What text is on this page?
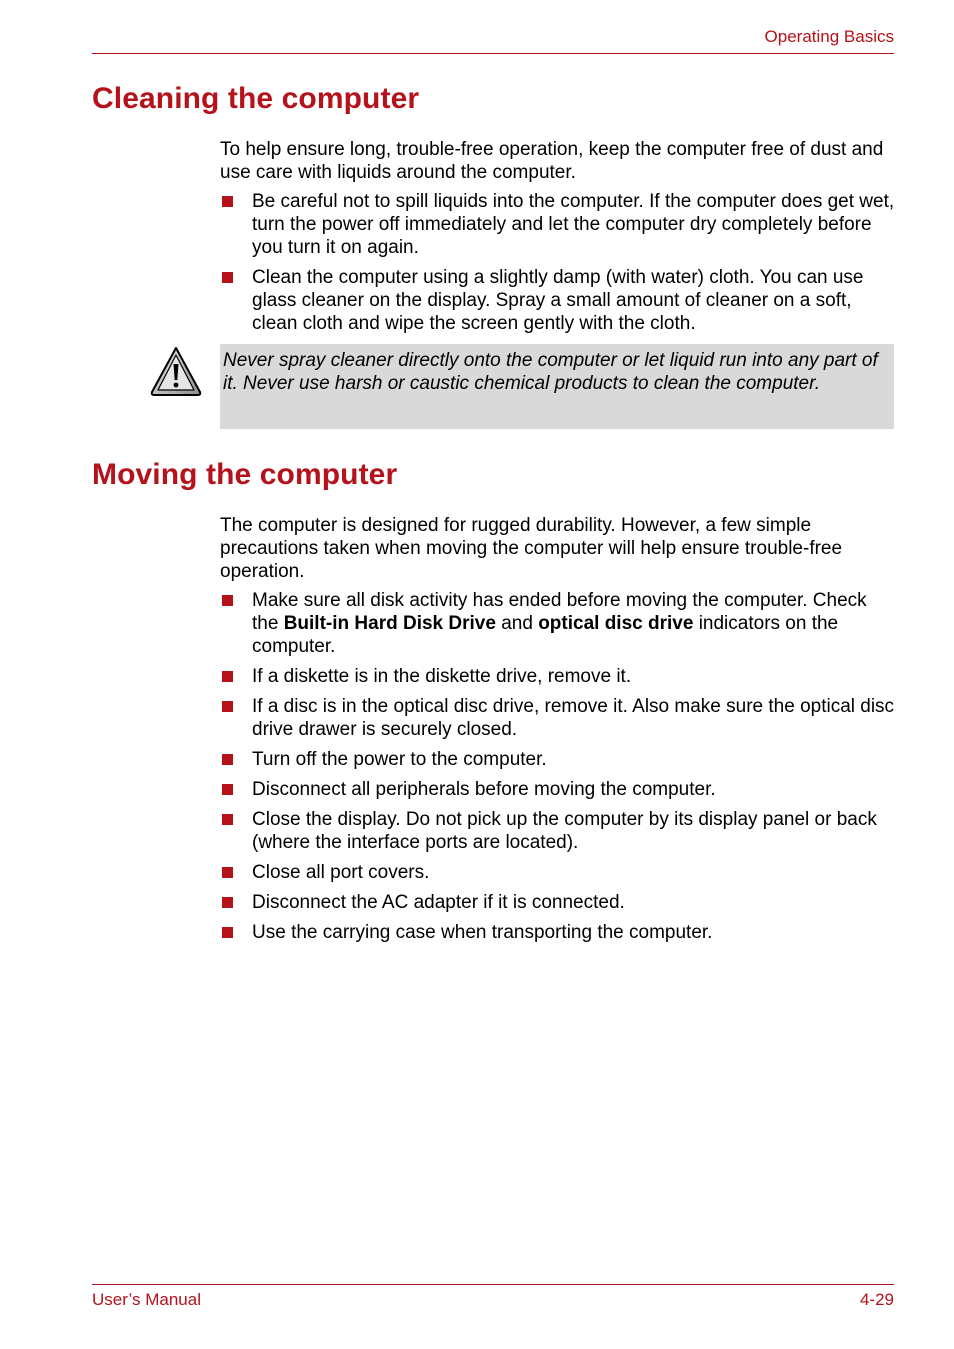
Operating Basics
Cleaning the computer

To help ensure long, trouble-free operation, keep the computer free of dust and use care with liquids around the computer.

Be careful not to spill liquids into the computer. If the computer does get wet, turn the power off immediately and let the computer dry completely before you turn it on again.
Clean the computer using a slightly damp (with water) cloth. You can use glass cleaner on the display. Spray a small amount of cleaner on a soft, clean cloth and wipe the screen gently with the cloth.

Never spray cleaner directly onto the computer or let liquid run into any part of it. Never use harsh or caustic chemical products to clean the computer.

Moving the computer

The computer is designed for rugged durability. However, a few simple precautions taken when moving the computer will help ensure trouble-free operation.

Make sure all disk activity has ended before moving the computer. Check the Built-in Hard Disk Drive and optical disc drive indicators on the computer.
If a diskette is in the diskette drive, remove it.
If a disc is in the optical disc drive, remove it. Also make sure the optical disc drive drawer is securely closed.
Turn off the power to the computer.
Disconnect all peripherals before moving the computer.
Close the display. Do not pick up the computer by its display panel or back (where the interface ports are located).
Close all port covers.
Disconnect the AC adapter if it is connected.
Use the carrying case when transporting the computer.
User’s Manual	4-29
